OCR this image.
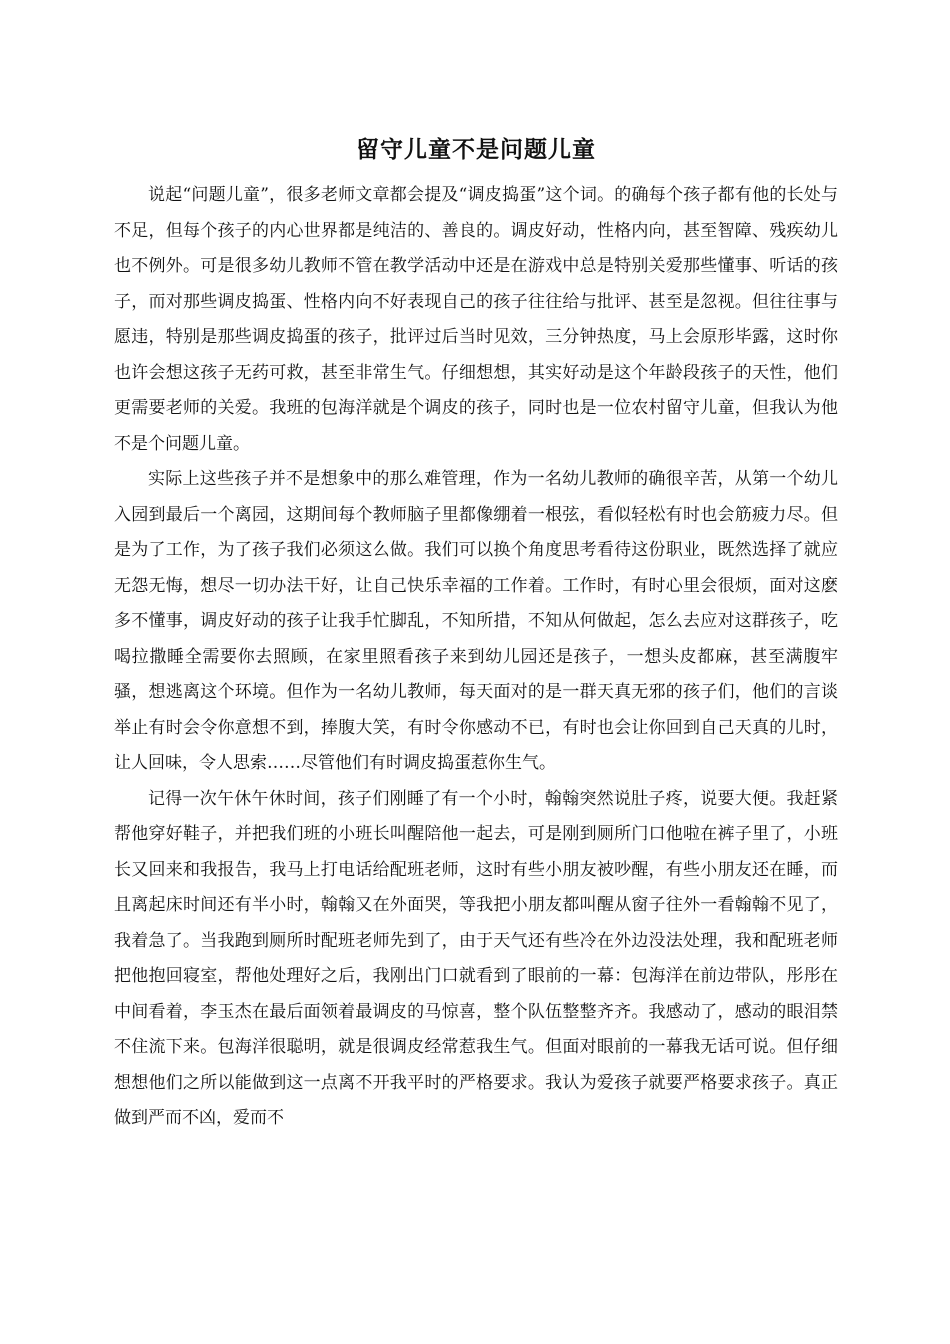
留守儿童不是问题儿童

说起“问题儿童”，很多老师文章都会提及“调皮捣蛋”这个词。的确每个孩子都有他的长处与不足，但每个孩子的内心世界都是纯洁的、善良的。调皮好动，性格内向，甚至智障、残疾幼儿也不例外。可是很多幼儿教师不管在教学活动中还是在游戏中总是特别关爱那些懂事、听话的孩子，而对那些调皮捣蛋、性格内向不好表现自己的孩子往往给与批评、甚至是忽视。但往往事与愿违，特别是那些调皮捣蛋的孩子，批评过后当时见效，三分钟热度，马上会原形毕露，这时你也许会想这孩子无药可救，甚至非常生气。仔细想想，其实好动是这个年龄段孩子的天性，他们更需要老师的关爱。我班的包海洋就是个调皮的孩子，同时也是一位农村留守儿童，但我认为他不是个问题儿童。

实际上这些孩子并不是想象中的那么难管理，作为一名幼儿教师的确很辛苦，从第一个幼儿入园到最后一个离园，这期间每个教师脑子里都像绷着一根弦，看似轻松有时也会筋疲力尽。但是为了工作，为了孩子我们必须这么做。我们可以换个角度思考看待这份职业，既然选择了就应无怨无悔，想尽一切办法干好，让自己快乐幸福的工作着。工作时，有时心里会很烦，面对这麽多不懂事，调皮好动的孩子让我手忙脚乱，不知所措，不知从何做起，怎么去应对这群孩子，吃喝拉撒睡全需要你去照顾，在家里照看孩子来到幼儿园还是孩子，一想头皮都麻，甚至满腹牢骚，想逃离这个环境。但作为一名幼儿教师，每天面对的是一群天真无邪的孩子们，他们的言谈举止有时会令你意想不到，捧腹大笑，有时令你感动不已，有时也会让你回到自己天真的儿时，让人回味，令人思索……尽管他们有时调皮捣蛋惹你生气。

记得一次午休午休时间，孩子们刚睡了有一个小时，翰翰突然说肚子疼，说要大便。我赶紧帮他穿好鞋子，并把我们班的小班长叫醒陪他一起去，可是刚到厕所门口他啦在裤子里了，小班长又回来和我报告，我马上打电话给配班老师，这时有些小朋友被吵醒，有些小朋友还在睡，而且离起床时间还有半小时，翰翰又在外面哭，等我把小朋友都叫醒从窗子往外一看翰翰不见了，我着急了。当我跑到厕所时配班老师先到了，由于天气还有些冷在外边没法处理，我和配班老师把他抱回寝室，帮他处理好之后，我刚出门口就看到了眼前的一幕：包海洋在前边带队，彤彤在中间看着，李玉杰在最后面领着最调皮的马惊喜，整个队伍整整齐齐。我感动了，感动的眼泪禁不住流下来。包海洋很聪明，就是很调皮经常惹我生气。但面对眼前的一幕我无话可说。但仔细想想他们之所以能做到这一点离不开我平时的严格要求。我认为爱孩子就要严格要求孩子。真正做到严而不凶，爱而不
